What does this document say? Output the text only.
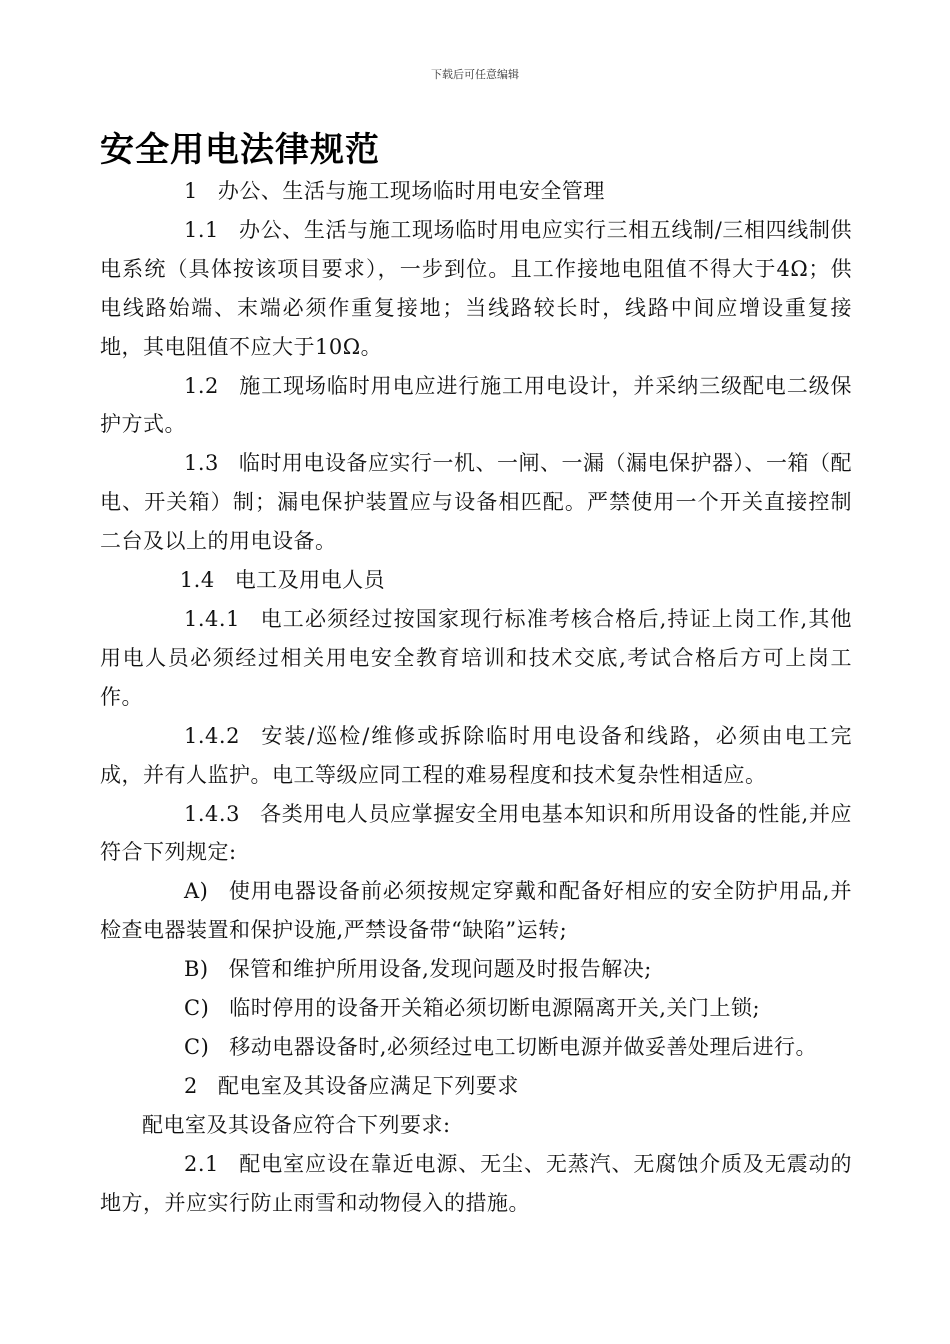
下载后可任意编辑
安全用电法律规范

1 办公、生活与施工现场临时用电安全管理

1.1 办公、生活与施工现场临时用电应实行三相五线制/三相四线制供电系统（具体按该项目要求），一步到位。且工作接地电阻值不得大于4Ω；供电线路始端、末端必须作重复接地；当线路较长时，线路中间应增设重复接地，其电阻值不应大于10Ω。

1.2 施工现场临时用电应进行施工用电设计，并采纳三级配电二级保护方式。

1.3 临时用电设备应实行一机、一闸、一漏（漏电保护器）、一箱（配电、开关箱）制；漏电保护装置应与设备相匹配。严禁使用一个开关直接控制二台及以上的用电设备。

1.4 电工及用电人员

1.4.1 电工必须经过按国家现行标准考核合格后,持证上岗工作,其他用电人员必须经过相关用电安全教育培训和技术交底,考试合格后方可上岗工作。

1.4.2 安装/巡检/维修或拆除临时用电设备和线路，必须由电工完成，并有人监护。电工等级应同工程的难易程度和技术复杂性相适应。

1.4.3 各类用电人员应掌握安全用电基本知识和所用设备的性能,并应符合下列规定:

A) 使用电器设备前必须按规定穿戴和配备好相应的安全防护用品,并检查电器装置和保护设施,严禁设备带“缺陷”运转;

B) 保管和维护所用设备,发现问题及时报告解决;

C) 临时停用的设备开关箱必须切断电源隔离开关,关门上锁;

C) 移动电器设备时,必须经过电工切断电源并做妥善处理后进行。

2 配电室及其设备应满足下列要求

配电室及其设备应符合下列要求:

2.1 配电室应设在靠近电源、无尘、无蒸汽、无腐蚀介质及无震动的地方，并应实行防止雨雪和动物侵入的措施。
